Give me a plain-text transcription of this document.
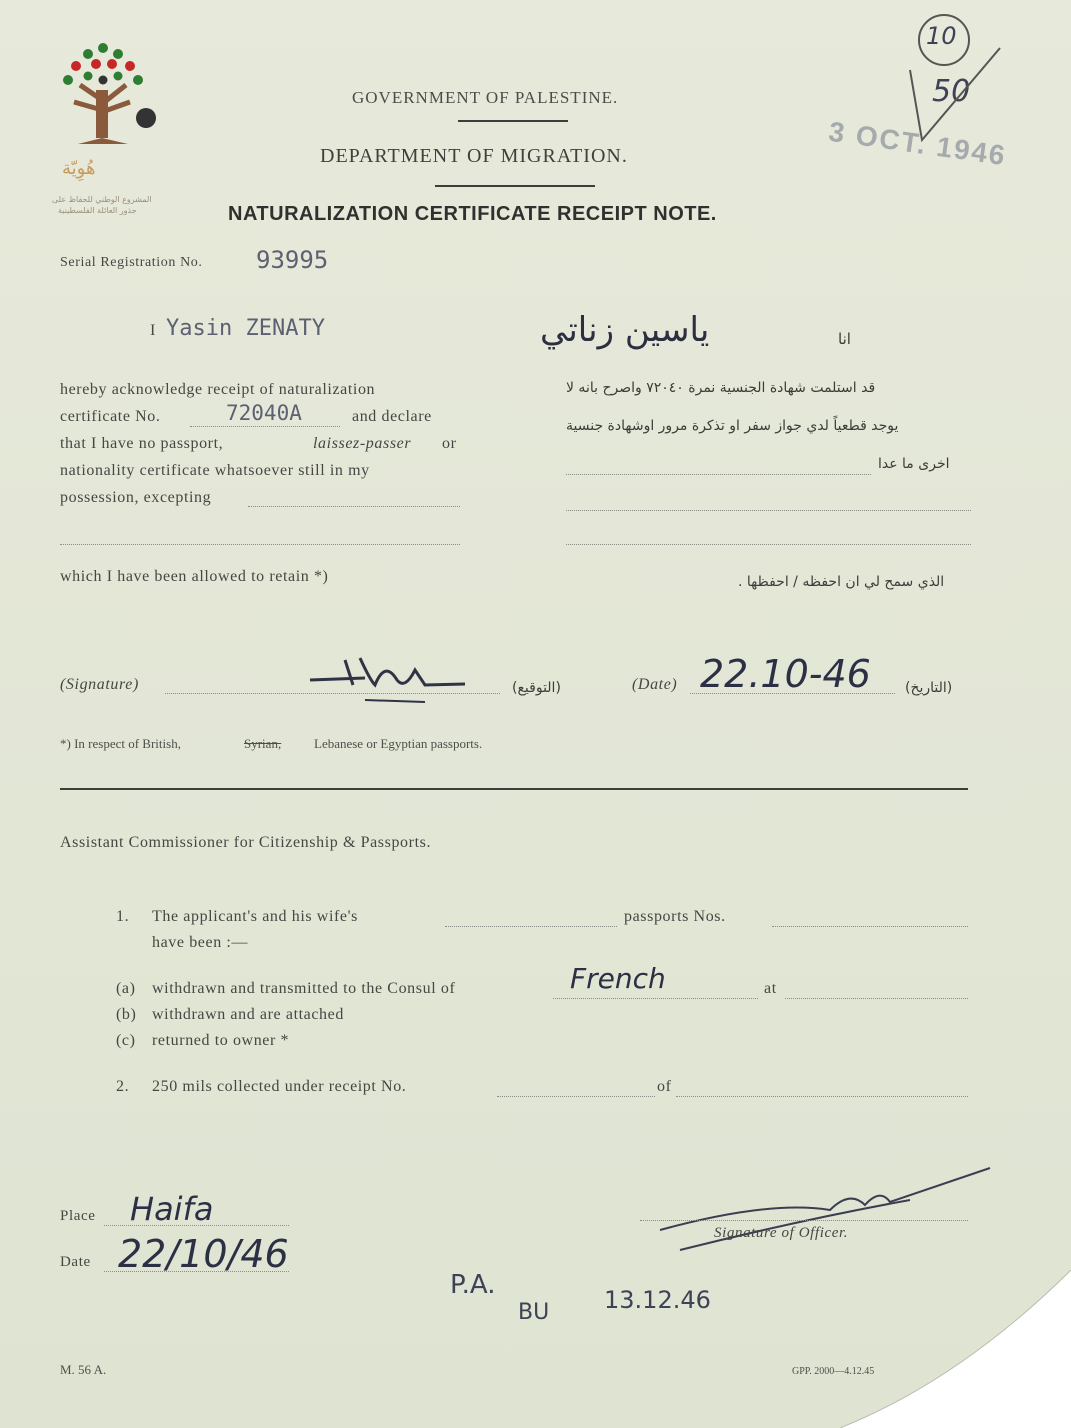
هُوِيّة
المشروع الوطني للحفاظ على
جذور العائلة الفلسطينية
GOVERNMENT OF PALESTINE.
DEPARTMENT OF MIGRATION.
NATURALIZATION CERTIFICATE RECEIPT NOTE.
3 OCT. 1946
10
50
Serial Registration No. 93995
I Yasin ZENATY	انا
ياسين زناتي
hereby acknowledge receipt of naturalization
certificate No.	72040A	and declare
that I have no passport,	laissez-passer or
nationality certificate whatsoever still in my
possession, excepting
which I have been allowed to retain *)
قد استلمت شهادة الجنسية نمرة ٧٢٠٤٠ واصرح بانه لا
يوجد قطعياً لدي جواز سفر او تذكرة مرور اوشهادة جنسية
اخرى ما عدا
الذي سمح لي ان احفظه / احفظها .
(Signature)	(التوقيع)	(Date) 22.10-46 (التاريخ)
*) In respect of British,	Syrian,	Lebanese or Egyptian passports.
Assistant Commissioner for Citizenship & Passports.
1. The applicant's and his wife's	passports Nos.
have been :—
(a) withdrawn and transmitted to the Consul of	French	at
(b) withdrawn and are attached
(c) returned to owner *
2. 250 mils collected under receipt No.	of
Place Haifa
Date 22/10/46	Signature of Officer.
P.A.
BU 13.12.46
M. 56 A.	GPP. 2000—4.12.45
